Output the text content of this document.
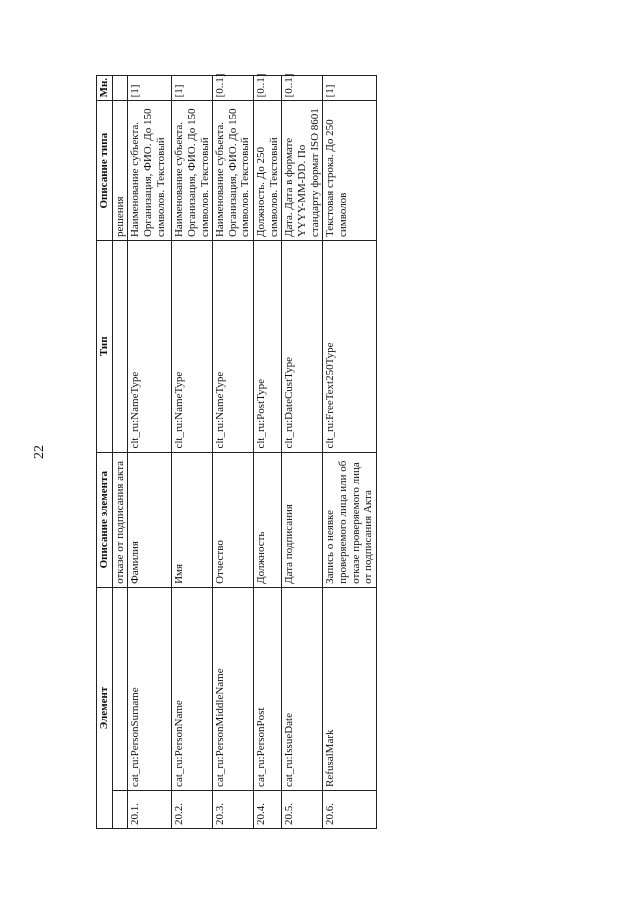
22
Элемент		Описание элемента	Тип	Описание типа	Мн.
		отказе от подписания акта		решения	
20.1.	cat_ru:PersonSurname	Фамилия	clt_ru:NameType	Наименование субъекта. Организация, ФИО. До 150 символов. Текстовый	[1]
20.2.	cat_ru:PersonName	Имя	clt_ru:NameType	Наименование субъекта. Организация, ФИО. До 150 символов. Текстовый	[1]
20.3.	cat_ru:PersonMiddleName	Отчество	clt_ru:NameType	Наименование субъекта. Организация, ФИО. До 150 символов. Текстовый	[0..1]
20.4.	cat_ru:PersonPost	Должность	clt_ru:PostType	Должность. До 250 символов. Текстовый	[0..1]
20.5.	cat_ru:IssueDate	Дата подписания	clt_ru:DateCustType	Дата. Дата в формате YYYY-MM-DD. По стандарту формат ISO 8601	[0..1]
20.6.	RefusalMark	Запись о неявке проверяемого лица или об отказе проверяемого лица от подписания Акта	clt_ru:FreeText250Type	Текстовая строка. До 250 символов	[1]
